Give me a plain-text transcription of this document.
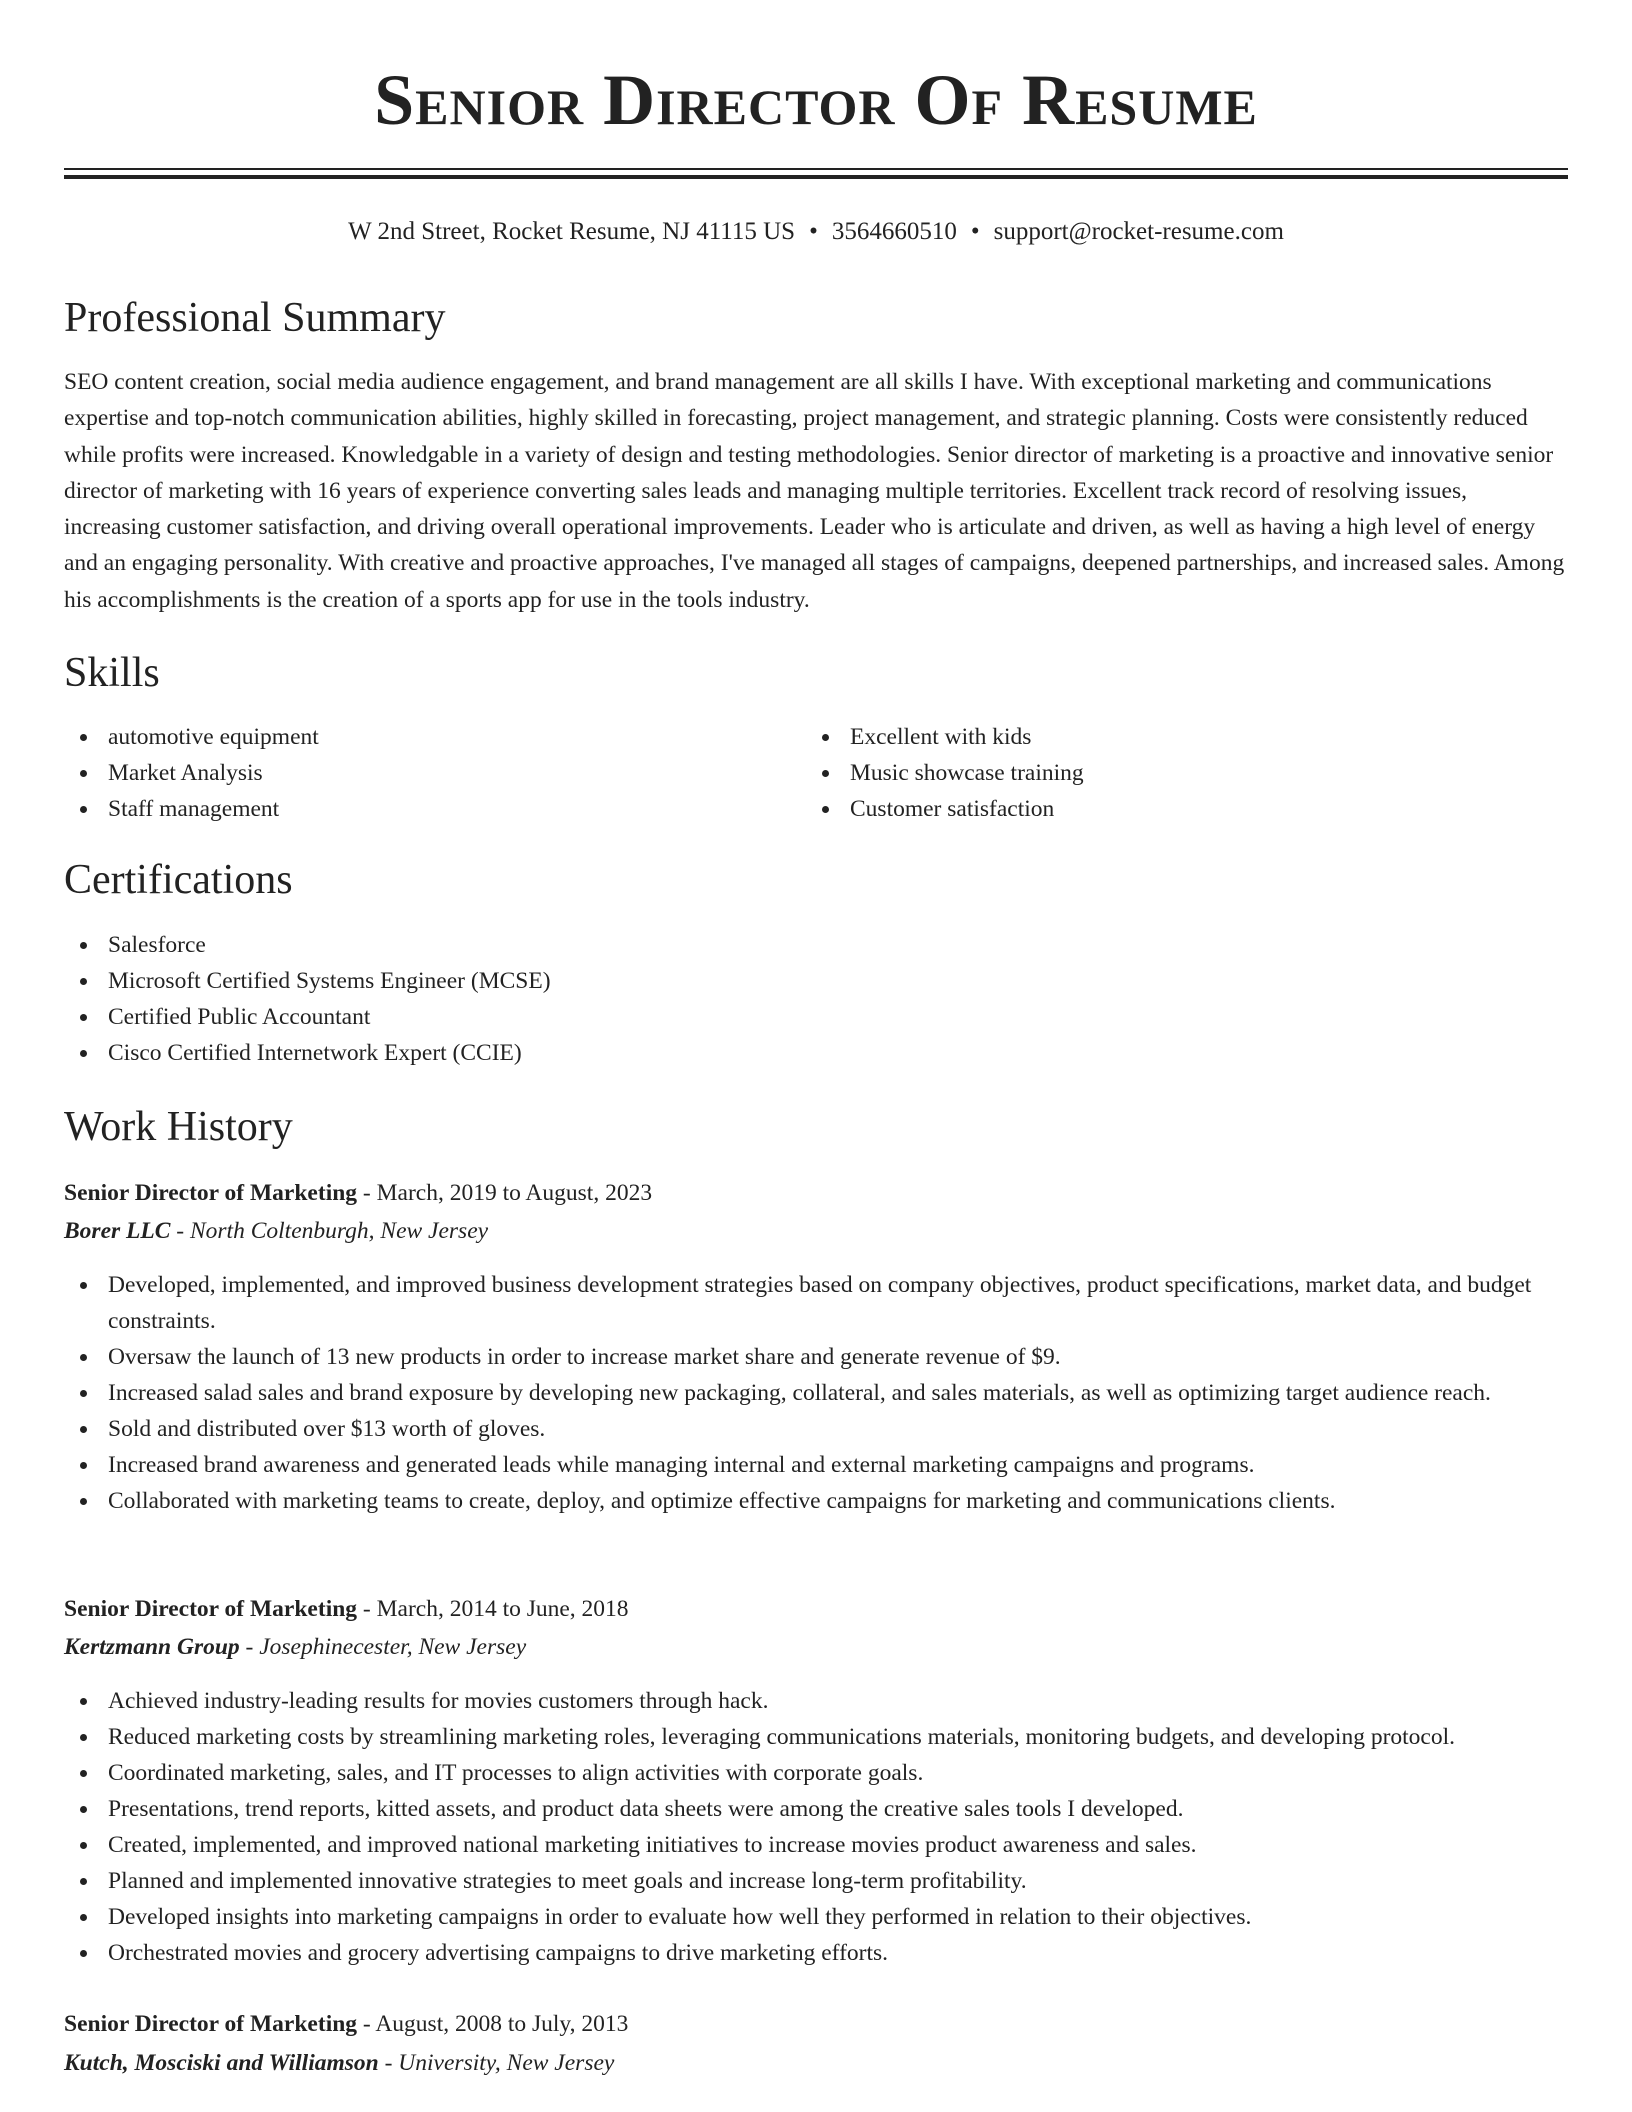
Senior Director Of Resume
W 2nd Street, Rocket Resume, NJ 41115 US • 3564660510 • support@rocket-resume.com
Professional Summary

SEO content creation, social media audience engagement, and brand management are all skills I have. With exceptional marketing and communications expertise and top-notch communication abilities, highly skilled in forecasting, project management, and strategic planning. Costs were consistently reduced while profits were increased. Knowledgable in a variety of design and testing methodologies. Senior director of marketing is a proactive and innovative senior director of marketing with 16 years of experience converting sales leads and managing multiple territories. Excellent track record of resolving issues, increasing customer satisfaction, and driving overall operational improvements. Leader who is articulate and driven, as well as having a high level of energy and an engaging personality. With creative and proactive approaches, I've managed all stages of campaigns, deepened partnerships, and increased sales. Among his accomplishments is the creation of a sports app for use in the tools industry.

Skills
automotive equipment
Market Analysis
Staff management
Excellent with kids
Music showcase training
Customer satisfaction
Certifications
Salesforce
Microsoft Certified Systems Engineer (MCSE)
Certified Public Accountant
Cisco Certified Internetwork Expert (CCIE)
Work History
Senior Director of Marketing - March, 2019 to August, 2023
Borer LLC - North Coltenburgh, New Jersey
Developed, implemented, and improved business development strategies based on company objectives, product specifications, market data, and budget constraints.
Oversaw the launch of 13 new products in order to increase market share and generate revenue of $9.
Increased salad sales and brand exposure by developing new packaging, collateral, and sales materials, as well as optimizing target audience reach.
Sold and distributed over $13 worth of gloves.
Increased brand awareness and generated leads while managing internal and external marketing campaigns and programs.
Collaborated with marketing teams to create, deploy, and optimize effective campaigns for marketing and communications clients.
Senior Director of Marketing - March, 2014 to June, 2018
Kertzmann Group - Josephinecester, New Jersey
Achieved industry-leading results for movies customers through hack.
Reduced marketing costs by streamlining marketing roles, leveraging communications materials, monitoring budgets, and developing protocol.
Coordinated marketing, sales, and IT processes to align activities with corporate goals.
Presentations, trend reports, kitted assets, and product data sheets were among the creative sales tools I developed.
Created, implemented, and improved national marketing initiatives to increase movies product awareness and sales.
Planned and implemented innovative strategies to meet goals and increase long-term profitability.
Developed insights into marketing campaigns in order to evaluate how well they performed in relation to their objectives.
Orchestrated movies and grocery advertising campaigns to drive marketing efforts.
Senior Director of Marketing - August, 2008 to July, 2013
Kutch, Mosciski and Williamson - University, New Jersey
